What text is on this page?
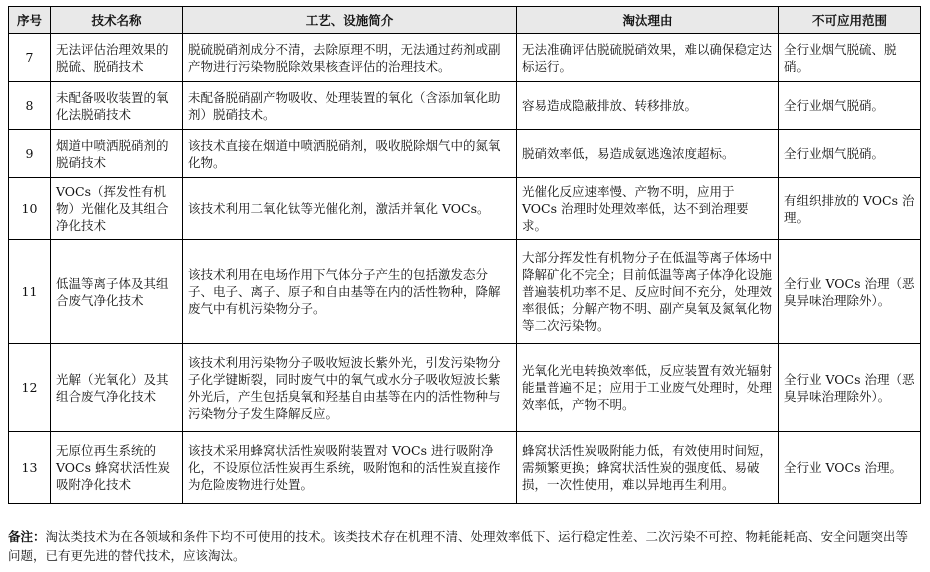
序号	技术名称	工艺、设施简介	淘汰理由	不可应用范围
7	无法评估治理效果的脱硫、脱硝技术	脱硫脱硝剂成分不清，去除原理不明，无法通过药剂或副产物进行污染物脱除效果核查评估的治理技术。	无法准确评估脱硫脱硝效果，难以确保稳定达标运行。	全行业烟气脱硫、脱硝。
8	未配备吸收装置的氧化法脱硝技术	未配备脱硝副产物吸收、处理装置的氧化（含添加氧化助剂）脱硝技术。	容易造成隐蔽排放、转移排放。	全行业烟气脱硝。
9	烟道中喷洒脱硝剂的脱硝技术	该技术直接在烟道中喷洒脱硝剂，吸收脱除烟气中的氮氧化物。	脱硝效率低，易造成氨逃逸浓度超标。	全行业烟气脱硝。
10	VOCs（挥发性有机物）光催化及其组合净化技术	该技术利用二氧化钛等光催化剂，激活并氧化 VOCs。	光催化反应速率慢、产物不明，应用于 VOCs 治理时处理效率低，达不到治理要求。	有组织排放的 VOCs 治理。
11	低温等离子体及其组合废气净化技术	该技术利用在电场作用下气体分子产生的包括激发态分子、电子、离子、原子和自由基等在内的活性物种，降解废气中有机污染物分子。	大部分挥发性有机物分子在低温等离子体场中降解矿化不完全；目前低温等离子体净化设施普遍装机功率不足、反应时间不充分，处理效率很低；分解产物不明、副产臭氧及氮氧化物等二次污染物。	全行业 VOCs 治理（恶臭异味治理除外）。
12	光解（光氧化）及其组合废气净化技术	该技术利用污染物分子吸收短波长紫外光，引发污染物分子化学键断裂，同时废气中的氧气或水分子吸收短波长紫外光后，产生包括臭氧和羟基自由基等在内的活性物种与污染物分子发生降解反应。	光氧化光电转换效率低，反应装置有效光辐射能量普遍不足；应用于工业废气处理时，处理效率低，产物不明。	全行业 VOCs 治理（恶臭异味治理除外）。
13	无原位再生系统的 VOCs 蜂窝状活性炭吸附净化技术	该技术采用蜂窝状活性炭吸附装置对 VOCs 进行吸附净化，不设原位活性炭再生系统，吸附饱和的活性炭直接作为危险废物进行处置。	蜂窝状活性炭吸附能力低，有效使用时间短，需频繁更换；蜂窝状活性炭的强度低、易破损，一次性使用，难以异地再生利用。	全行业 VOCs 治理。
备注：淘汰类技术为在各领域和条件下均不可使用的技术。该类技术存在机理不清、处理效率低下、运行稳定性差、二次污染不可控、物耗能耗高、安全问题突出等问题，已有更先进的替代技术，应该淘汰。
